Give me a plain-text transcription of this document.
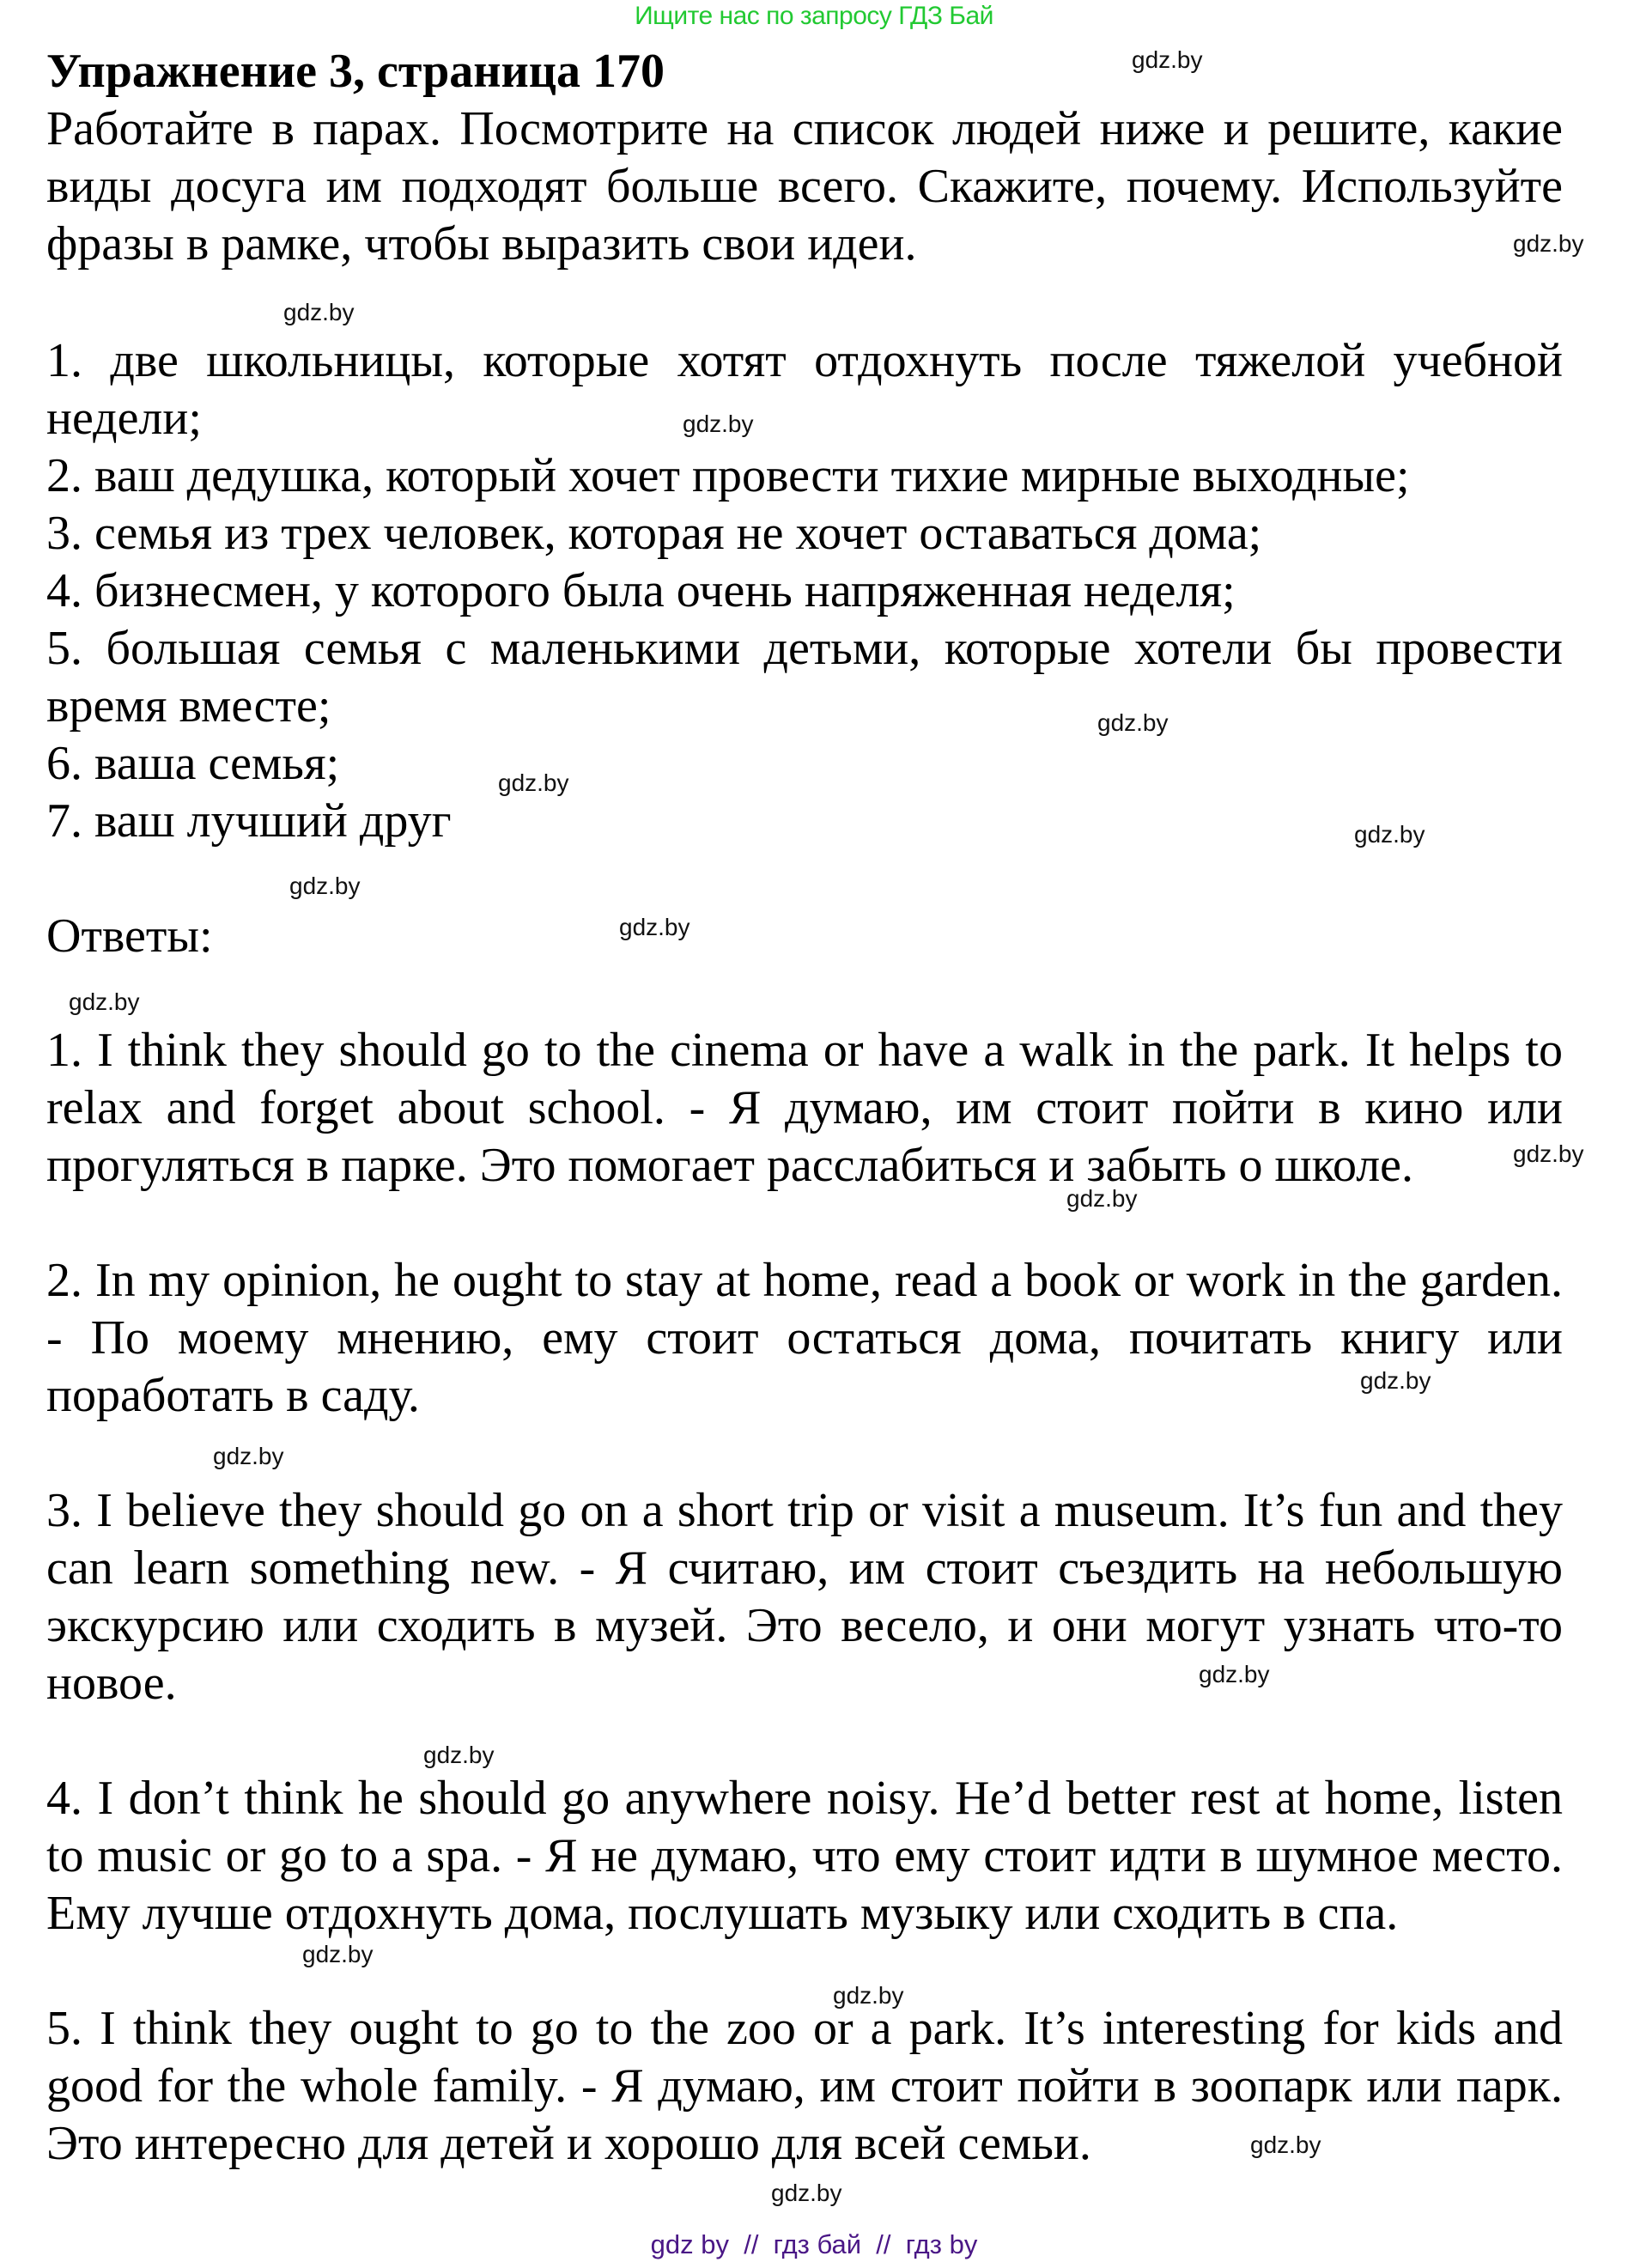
Ищите нас по запросу ГДЗ Бай
Упражнение 3, страница 170
Работайте в парах. Посмотрите на список людей ниже и решите, какие
виды досуга им подходят больше всего. Скажите, почему. Используйте
фразы в рамке, чтобы выразить свои идеи.
1. две школьницы, которые хотят отдохнуть после тяжелой учебной
недели;
2. ваш дедушка, который хочет провести тихие мирные выходные;
3. семья из трех человек, которая не хочет оставаться дома;
4. бизнесмен, у которого была очень напряженная неделя;
5. большая семья с маленькими детьми, которые хотели бы провести
время вместе;
6. ваша семья;
7. ваш лучший друг
Ответы:
1. I think they should go to the cinema or have a walk in the park. It helps to
relax and forget about school. - Я думаю, им стоит пойти в кино или
прогуляться в парке. Это помогает расслабиться и забыть о школе.
2. In my opinion, he ought to stay at home, read a book or work in the garden.
- По моему мнению, ему стоит остаться дома, почитать книгу или
поработать в саду.
3. I believe they should go on a short trip or visit a museum. It’s fun and they
can learn something new. - Я считаю, им стоит съездить на небольшую
экскурсию или сходить в музей. Это весело, и они могут узнать что-то
новое.
4. I don’t think he should go anywhere noisy. He’d better rest at home, listen
to music or go to a spa. - Я не думаю, что ему стоит идти в шумное место.
Ему лучше отдохнуть дома, послушать музыку или сходить в спа.
5. I think they ought to go to the zoo or a park. It’s interesting for kids and
good for the whole family. - Я думаю, им стоит пойти в зоопарк или парк.
Это интересно для детей и хорошо для всей семьи.
gdz.by
gdz.by
gdz.by
gdz.by
gdz.by
gdz.by
gdz.by
gdz.by
gdz.by
gdz.by
gdz.by
gdz.by
gdz.by
gdz.by
gdz.by
gdz.by
gdz.by
gdz.by
gdz.by
gdz.by
gdz by  //  гдз бай  //  гдз by
